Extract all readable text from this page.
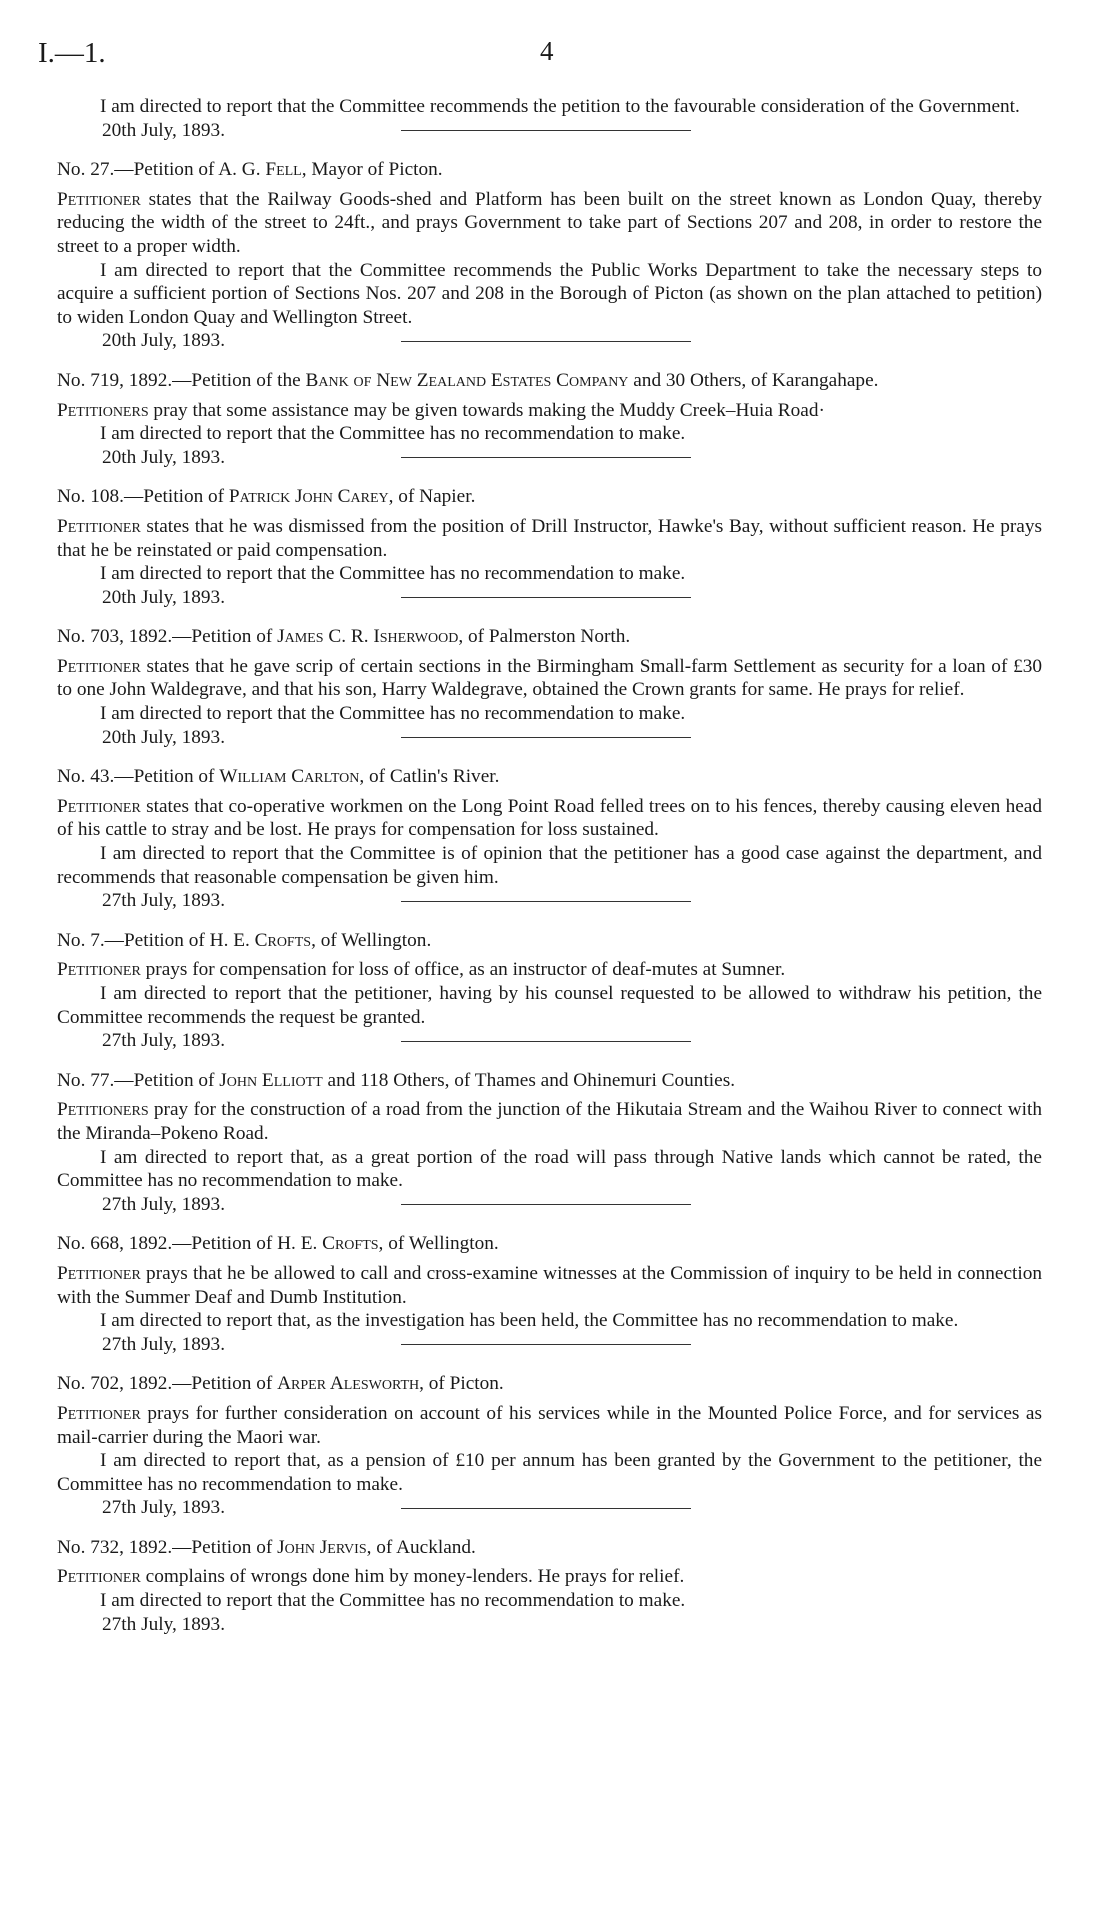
I.—1.	4

I am directed to report that the Committee recommends the petition to the favourable consideration of the Government.

20th July, 1893.

No. 27.—Petition of A. G. Fell, Mayor of Picton.

Petitioner states that the Railway Goods-shed and Platform has been built on the street known as London Quay, thereby reducing the width of the street to 24ft., and prays Government to take part of Sections 207 and 208, in order to restore the street to a proper width.

I am directed to report that the Committee recommends the Public Works Department to take the necessary steps to acquire a sufficient portion of Sections Nos. 207 and 208 in the Borough of Picton (as shown on the plan attached to petition) to widen London Quay and Wellington Street.

20th July, 1893.

No. 719, 1892.—Petition of the Bank of New Zealand Estates Company and 30 Others, of Karangahape.

Petitioners pray that some assistance may be given towards making the Muddy Creek–Huia Road·

I am directed to report that the Committee has no recommendation to make.

20th July, 1893.

No. 108.—Petition of Patrick John Carey, of Napier.

Petitioner states that he was dismissed from the position of Drill Instructor, Hawke's Bay, without sufficient reason. He prays that he be reinstated or paid compensation.

I am directed to report that the Committee has no recommendation to make.

20th July, 1893.

No. 703, 1892.—Petition of James C. R. Isherwood, of Palmerston North.

Petitioner states that he gave scrip of certain sections in the Birmingham Small-farm Settlement as security for a loan of £30 to one John Waldegrave, and that his son, Harry Waldegrave, obtained the Crown grants for same. He prays for relief.

I am directed to report that the Committee has no recommendation to make.

20th July, 1893.

No. 43.—Petition of William Carlton, of Catlin's River.

Petitioner states that co-operative workmen on the Long Point Road felled trees on to his fences, thereby causing eleven head of his cattle to stray and be lost. He prays for compensation for loss sustained.

I am directed to report that the Committee is of opinion that the petitioner has a good case against the department, and recommends that reasonable compensation be given him.

27th July, 1893.

No. 7.—Petition of H. E. Crofts, of Wellington.

Petitioner prays for compensation for loss of office, as an instructor of deaf-mutes at Sumner.

I am directed to report that the petitioner, having by his counsel requested to be allowed to withdraw his petition, the Committee recommends the request be granted.

27th July, 1893.

No. 77.—Petition of John Elliott and 118 Others, of Thames and Ohinemuri Counties.

Petitioners pray for the construction of a road from the junction of the Hikutaia Stream and the Waihou River to connect with the Miranda–Pokeno Road.

I am directed to report that, as a great portion of the road will pass through Native lands which cannot be rated, the Committee has no recommendation to make.

27th July, 1893.

No. 668, 1892.—Petition of H. E. Crofts, of Wellington.

Petitioner prays that he be allowed to call and cross-examine witnesses at the Commission of inquiry to be held in connection with the Summer Deaf and Dumb Institution.

I am directed to report that, as the investigation has been held, the Committee has no recommendation to make.

27th July, 1893.

No. 702, 1892.—Petition of Arper Alesworth, of Picton.

Petitioner prays for further consideration on account of his services while in the Mounted Police Force, and for services as mail-carrier during the Maori war.

I am directed to report that, as a pension of £10 per annum has been granted by the Government to the petitioner, the Committee has no recommendation to make.

27th July, 1893.

No. 732, 1892.—Petition of John Jervis, of Auckland.

Petitioner complains of wrongs done him by money-lenders. He prays for relief.

I am directed to report that the Committee has no recommendation to make.

27th July, 1893.
